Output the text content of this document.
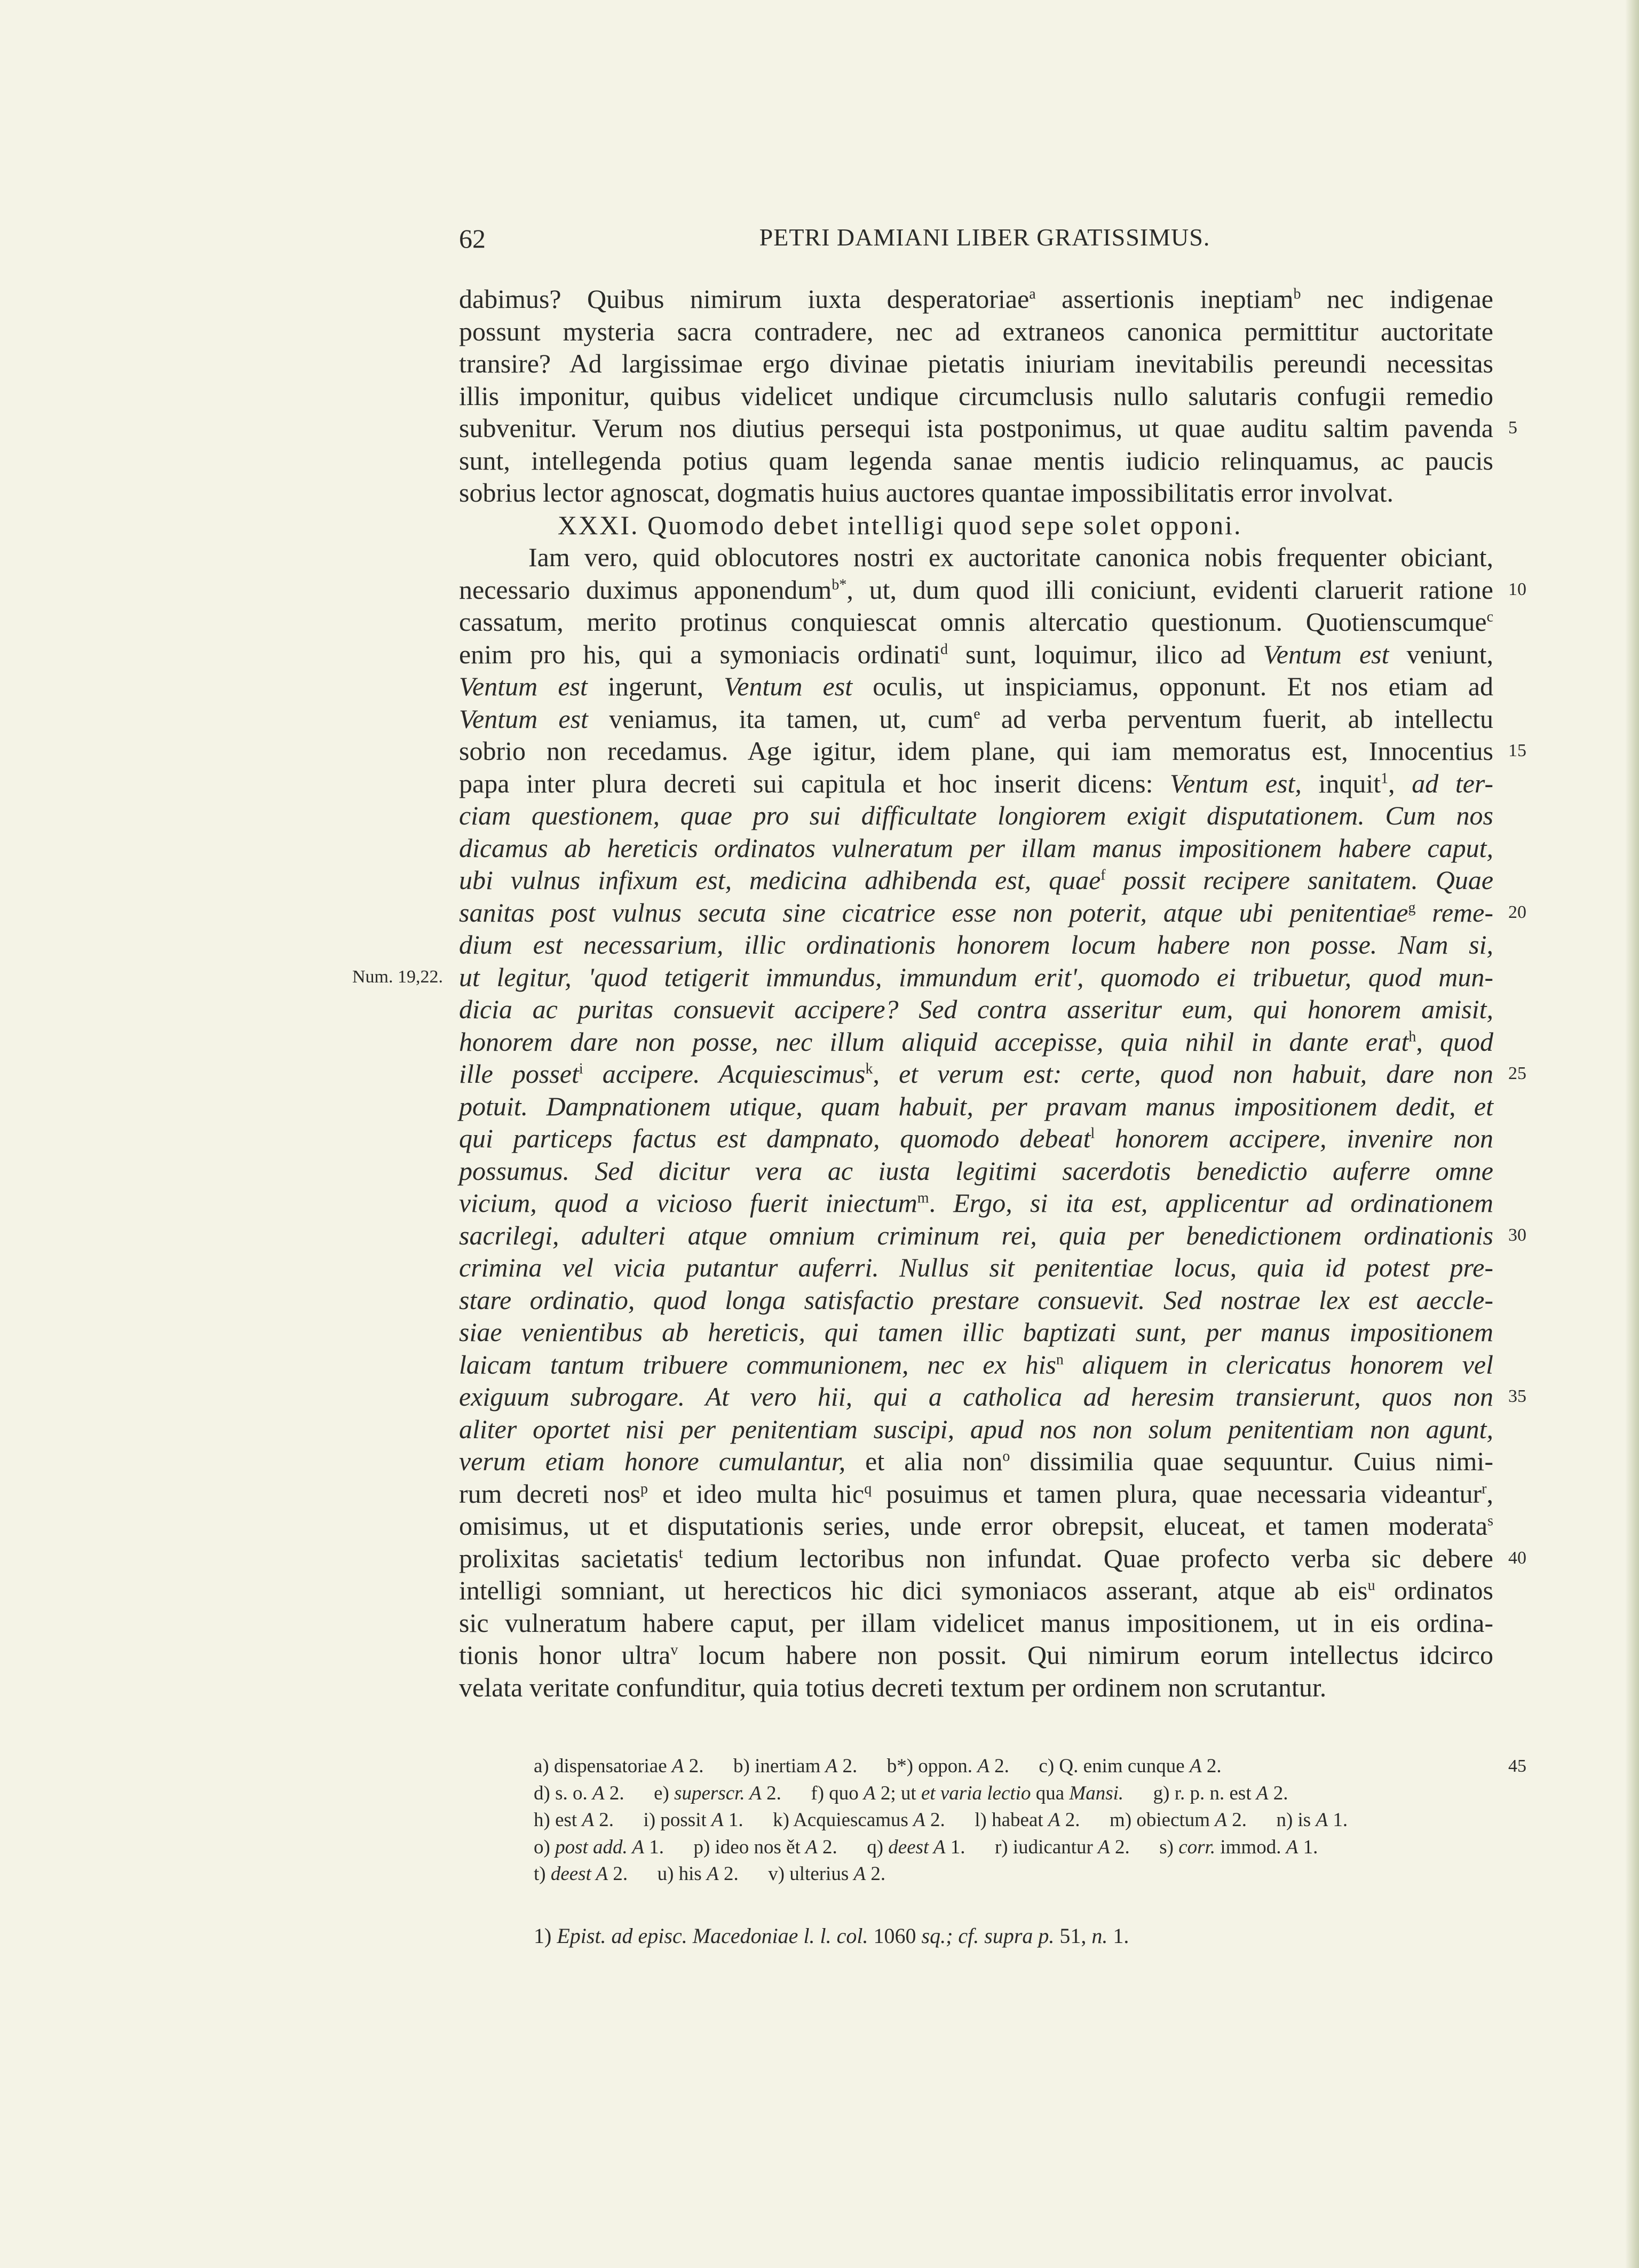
62	PETRI DAMIANI LIBER GRATISSIMUS.
dabimus? Quibus nimirum iuxta desperatoriae$^a$ assertionis ineptiam$^b$ nec indigenae
possunt mysteria sacra contradere, nec ad extraneos canonica permittitur auctoritate
transire? Ad largissimae ergo divinae pietatis iniuriam inevitabilis pereundi necessitas
illis imponitur, quibus videlicet undique circumclusis nullo salutaris confugii remedio
subvenitur. Verum nos diutius persequi ista postponimus, ut quae auditu saltim pavenda 5
sunt, intellegenda potius quam legenda sanae mentis iudicio relinquamus, ac paucis
sobrius lector agnoscat, dogmatis huius auctores quantae impossibilitatis error involvat.
XXXI. Quomodo debet intelligi quod sepe solet opponi.
Iam vero, quid oblocutores nostri ex auctoritate canonica nobis frequenter obiciant,
necessario duximus apponendum$^{b*}$, ut, dum quod illi coniciunt, evidenti claruerit ratione 10
cassatum, merito protinus conquiescat omnis altercatio questionum. Quotienscumque$^c$
enim pro his, qui a symoniacis ordinati$^d$ sunt, loquimur, ilico ad Ventum est veniunt,
Ventum est ingerunt, Ventum est oculis, ut inspiciamus, opponunt. Et nos etiam ad
Ventum est veniamus, ita tamen, ut, cum$^e$ ad verba perventum fuerit, ab intellectu
sobrio non recedamus. Age igitur, idem plane, qui iam memoratus est, Innocentius 15
papa inter plura decreti sui capitula et hoc inserit dicens: Ventum est, inquit$^1$, ad ter-
ciam questionem, quae pro sui difficultate longiorem exigit disputationem. Cum nos
dicamus ab hereticis ordinatos vulneratum per illam manus impositionem habere caput,
ubi vulnus infixum est, medicina adhibenda est, quae$^f$ possit recipere sanitatem. Quae
sanitas post vulnus secuta sine cicatrice esse non poterit, atque ubi penitentiae$^g$ reme- 20
dium est necessarium, illic ordinationis honorem locum habere non posse. Nam si,
ut legitur, 'quod tetigerit immundus, immundum erit', quomodo ei tribuetur, quod mun-
Num. 19,22.
dicia ac puritas consuevit accipere? Sed contra asseritur eum, qui honorem amisit,
honorem dare non posse, nec illum aliquid accepisse, quia nihil in dante erat$^h$, quod
ille posset$^i$ accipere. Acquiescimus$^k$, et verum est: certe, quod non habuit, dare non 25
potuit. Dampnationem utique, quam habuit, per pravam manus impositionem dedit, et
qui particeps factus est dampnato, quomodo debeat$^l$ honorem accipere, invenire non
possumus. Sed dicitur vera ac iusta legitimi sacerdotis benedictio auferre omne
vicium, quod a vicioso fuerit iniectum$^m$. Ergo, si ita est, applicentur ad ordinationem
sacrilegi, adulteri atque omnium criminum rei, quia per benedictionem ordinationis 30
crimina vel vicia putantur auferri. Nullus sit penitentiae locus, quia id potest pre-
stare ordinatio, quod longa satisfactio prestare consuevit. Sed nostrae lex est aeccle-
siae venientibus ab hereticis, qui tamen illic baptizati sunt, per manus impositionem
laicam tantum tribuere communionem, nec ex his$^n$ aliquem in clericatus honorem vel
exiguum subrogare. At vero hii, qui a catholica ad heresim transierunt, quos non 35
aliter oportet nisi per penitentiam suscipi, apud nos non solum penitentiam non agunt,
verum etiam honore cumulantur, et alia non$^o$ dissimilia quae sequuntur. Cuius nimi-
rum decreti nos$^p$ et ideo multa hic$^q$ posuimus et tamen plura, quae necessaria videantur$^r$,
omisimus, ut et disputationis series, unde error obrepsit, eluceat, et tamen moderata$^s$
prolixitas sacietatis$^t$ tedium lectoribus non infundat. Quae profecto verba sic debere 40
intelligi somniant, ut herecticos hic dici symoniacos asserant, atque ab eis$^u$ ordinatos
sic vulneratum habere caput, per illam videlicet manus impositionem, ut in eis ordina-
tionis honor ultra$^v$ locum habere non possit. Qui nimirum eorum intellectus idcirco
velata veritate confunditur, quia totius decreti textum per ordinem non scrutantur.
a) dispensatoriae A 2.      b) inertiam A 2.      b*) oppon. A 2.      c) Q. enim cunque A 2.	45
d) s. o. A 2.      e) superscr. A 2.      f) quo A 2; ut et varia lectio qua Mansi.      g) r. p. n. est A 2.
h) est A 2.      i) possit A 1.      k) Acquiescamus A 2.      l) habeat A 2.      m) obiectum A 2.      n) is A 1.
o) post add. A 1.      p) ideo nos ět A 2.      q) deest A 1.      r) iudicantur A 2.      s) corr. immod. A 1.
t) deest A 2.      u) his A 2.      v) ulterius A 2.
1) Epist. ad episc. Macedoniae l. l. col. 1060 sq.; cf. supra p. 51, n. 1.
